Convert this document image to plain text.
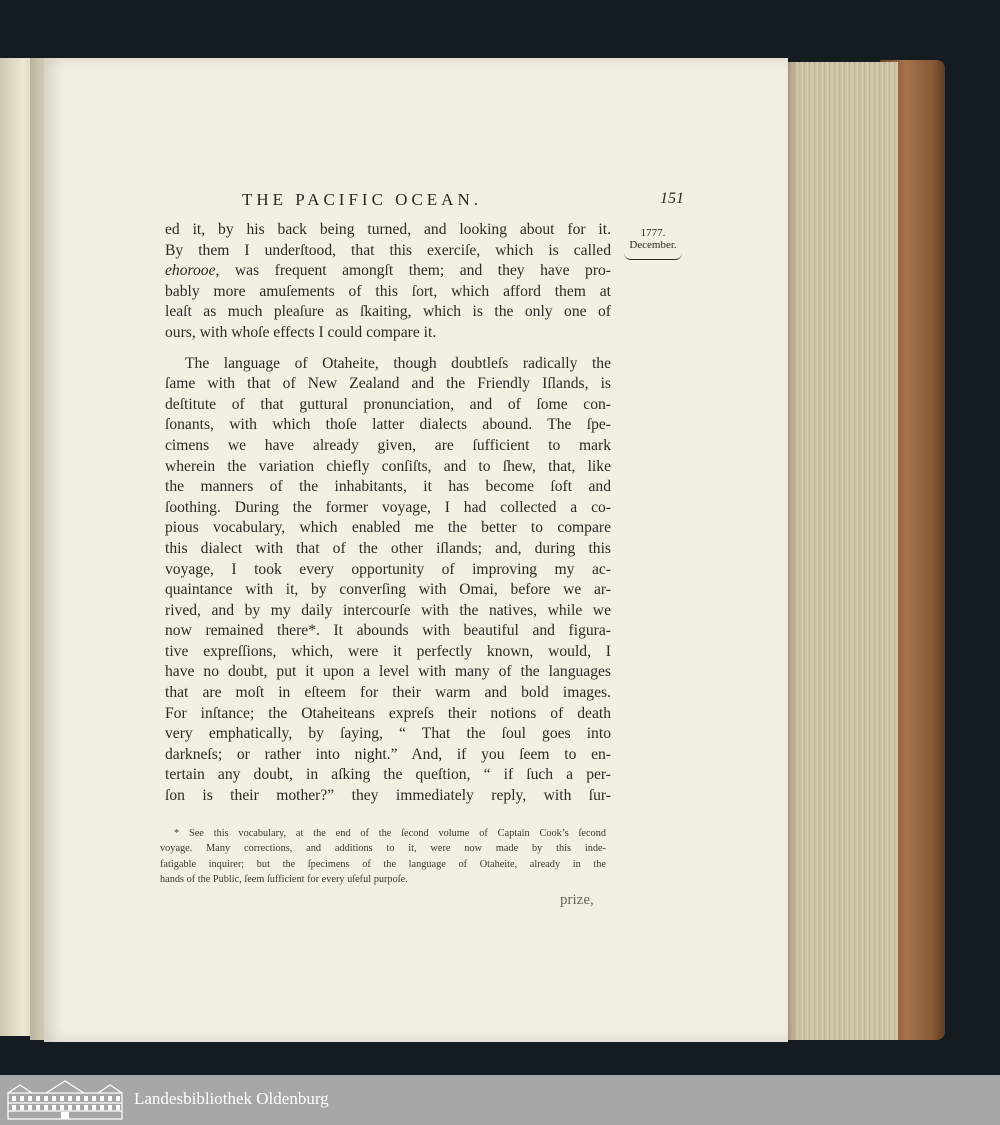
THE PACIFIC OCEAN.	151
1777.
December.
ed it, by his back being turned, and looking about for it.
By them I underſtood, that this exerciſe, which is called
ehorooe, was frequent amongſt them; and they have pro-
bably more amuſements of this ſort, which afford them at
leaſt as much pleaſure as ſkaiting, which is the only one of
ours, with whoſe effects I could compare it.
The language of Otaheite, though doubtleſs radically the
ſame with that of New Zealand and the Friendly Iſlands, is
deſtitute of that guttural pronunciation, and of ſome con-
ſonants, with which thoſe latter dialects abound. The ſpe-
cimens we have already given, are ſufficient to mark
wherein the variation chiefly conſiſts, and to ſhew, that, like
the manners of the inhabitants, it has become ſoft and
ſoothing. During the former voyage, I had collected a co-
pious vocabulary, which enabled me the better to compare
this dialect with that of the other iſlands; and, during this
voyage, I took every opportunity of improving my ac-
quaintance with it, by converſing with Omai, before we ar-
rived, and by my daily intercourſe with the natives, while we
now remained there*. It abounds with beautiful and figura-
tive expreſſions, which, were it perfectly known, would, I
have no doubt, put it upon a level with many of the languages
that are moſt in eſteem for their warm and bold images.
For inſtance; the Otaheiteans expreſs their notions of death
very emphatically, by ſaying, “ That the ſoul goes into
darkneſs; or rather into night.” And, if you ſeem to en-
tertain any doubt, in aſking the queſtion, “ if ſuch a per-
ſon is their mother?” they immediately reply, with ſur-
* See this vocabulary, at the end of the ſecond volume of Captain Cook’s ſecond
voyage. Many corrections, and additions to it, were now made by this inde-
fatigable inquirer; but the ſpecimens of the language of Otaheite, already in the
hands of the Public, ſeem ſufficient for every uſeful purpoſe.
prize,
Landesbibliothek Oldenburg
